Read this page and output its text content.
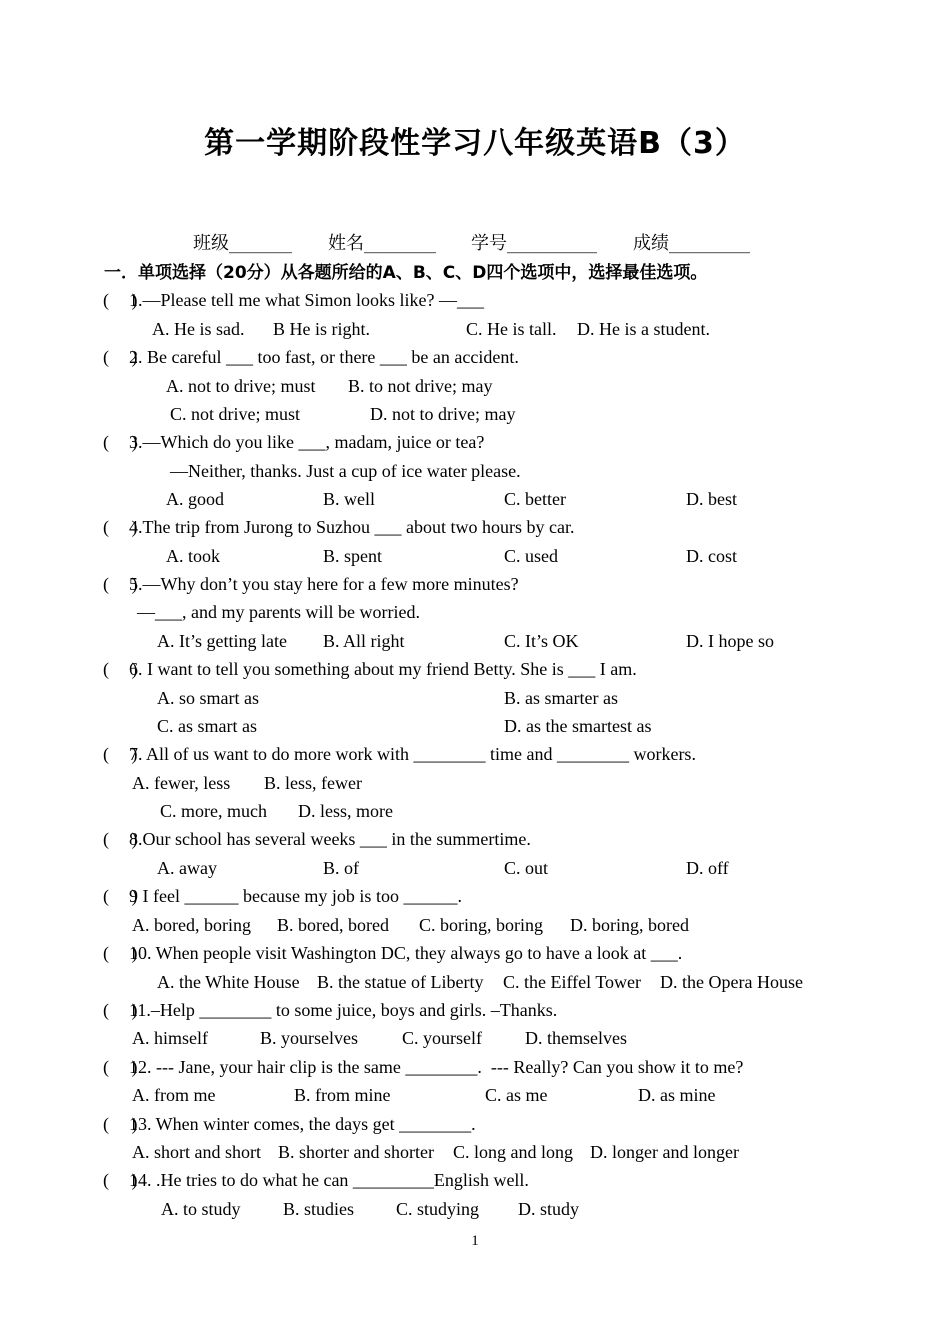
第一学期阶段性学习八年级英语B（3）
班级_______ 姓名________ 学号__________ 成绩_________
一．单项选择（20分）从各题所给的A、B、C、D四个选项中，选择最佳选项。
(     )
1.—Please tell me what Simon looks like? —___
A. He is sad. B He is right.	C. He is tall. D. He is a student.
(     )
2. Be careful ___ too fast, or there ___ be an accident.
A. not to drive; must B. to not drive; may
C. not drive; must	D. not to drive; may
(     )
3.—Which do you like ___, madam, juice or tea?
—Neither, thanks. Just a cup of ice water please.
A. good	B. well	C. better	D. best
(     )
4.The trip from Jurong to Suzhou ___ about two hours by car.
A. took	B. spent	C. used	D. cost
(     )
5.—Why don’t you stay here for a few more minutes?
—___, and my parents will be worried.
A. It’s getting late B. All right	C. It’s OK	D. I hope so
(     )
6. I want to tell you something about my friend Betty. She is ___ I am.
A. so smart as	B. as smarter as
C. as smart as	D. as the smartest as
(     )
7. All of us want to do more work with ________ time and ________ workers.
A. fewer, less B. less, fewer
C. more, much D. less, more
(     )
8.Our school has several weeks ___ in the summertime.
A. away	B. of	C. out	D. off
(     )
9 I feel ______ because my job is too ______.
A. bored, boring B. bored, bored C. boring, boring D. boring, bored
(     )
10. When people visit Washington DC, they always go to have a look at ___.
A. the White House B. the statue of Liberty C. the Eiffel Tower D. the Opera House
(     )
11.–Help ________ to some juice, boys and girls. –Thanks.
A. himself	B. yourselves C. yourself D. themselves
(     )
12. --- Jane, your hair clip is the same ________.  --- Really? Can you show it to me?
A. from me	B. from mine	C. as me	D. as mine
(     )
13. When winter comes, the days get ________.
A. short and short B. shorter and shorter C. long and long D. longer and longer
(     )
14. .He tries to do what he can _________English well.
A. to study B. studies C. studying D. study
1
